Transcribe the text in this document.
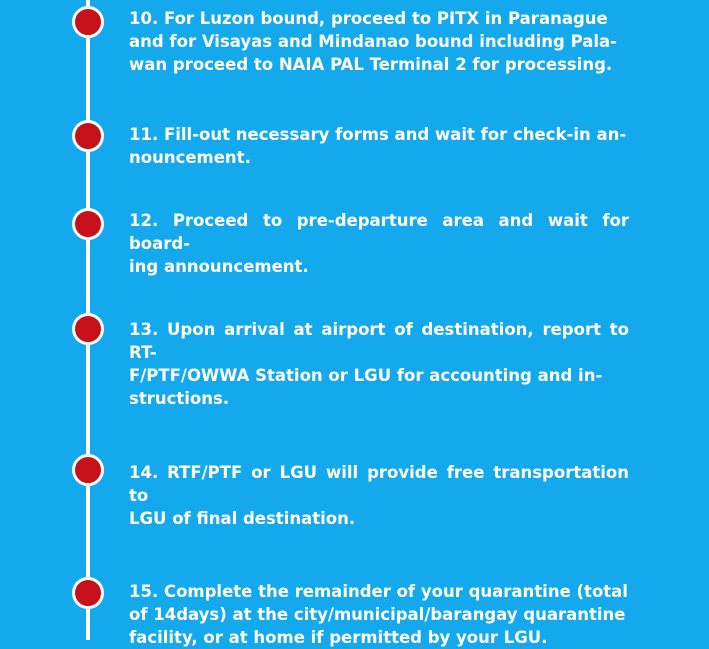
10. For Luzon bound, proceed to PITX in Paranague
and for Visayas and Mindanao bound including Pala-
wan proceed to NAIA PAL Terminal 2 for processing.

11. Fill-out necessary forms and wait for check-in an-
nouncement.

12. Proceed to pre-departure area and wait for board-
ing announcement.

13. Upon arrival at airport of destination, report to RT-
F/PTF/OWWA Station or LGU for accounting and in-
structions.

14. RTF/PTF or LGU will provide free transportation to
LGU of final destination.

15. Complete the remainder of your quarantine (total
of 14days) at the city/municipal/barangay quarantine
facility, or at home if permitted by your LGU.
